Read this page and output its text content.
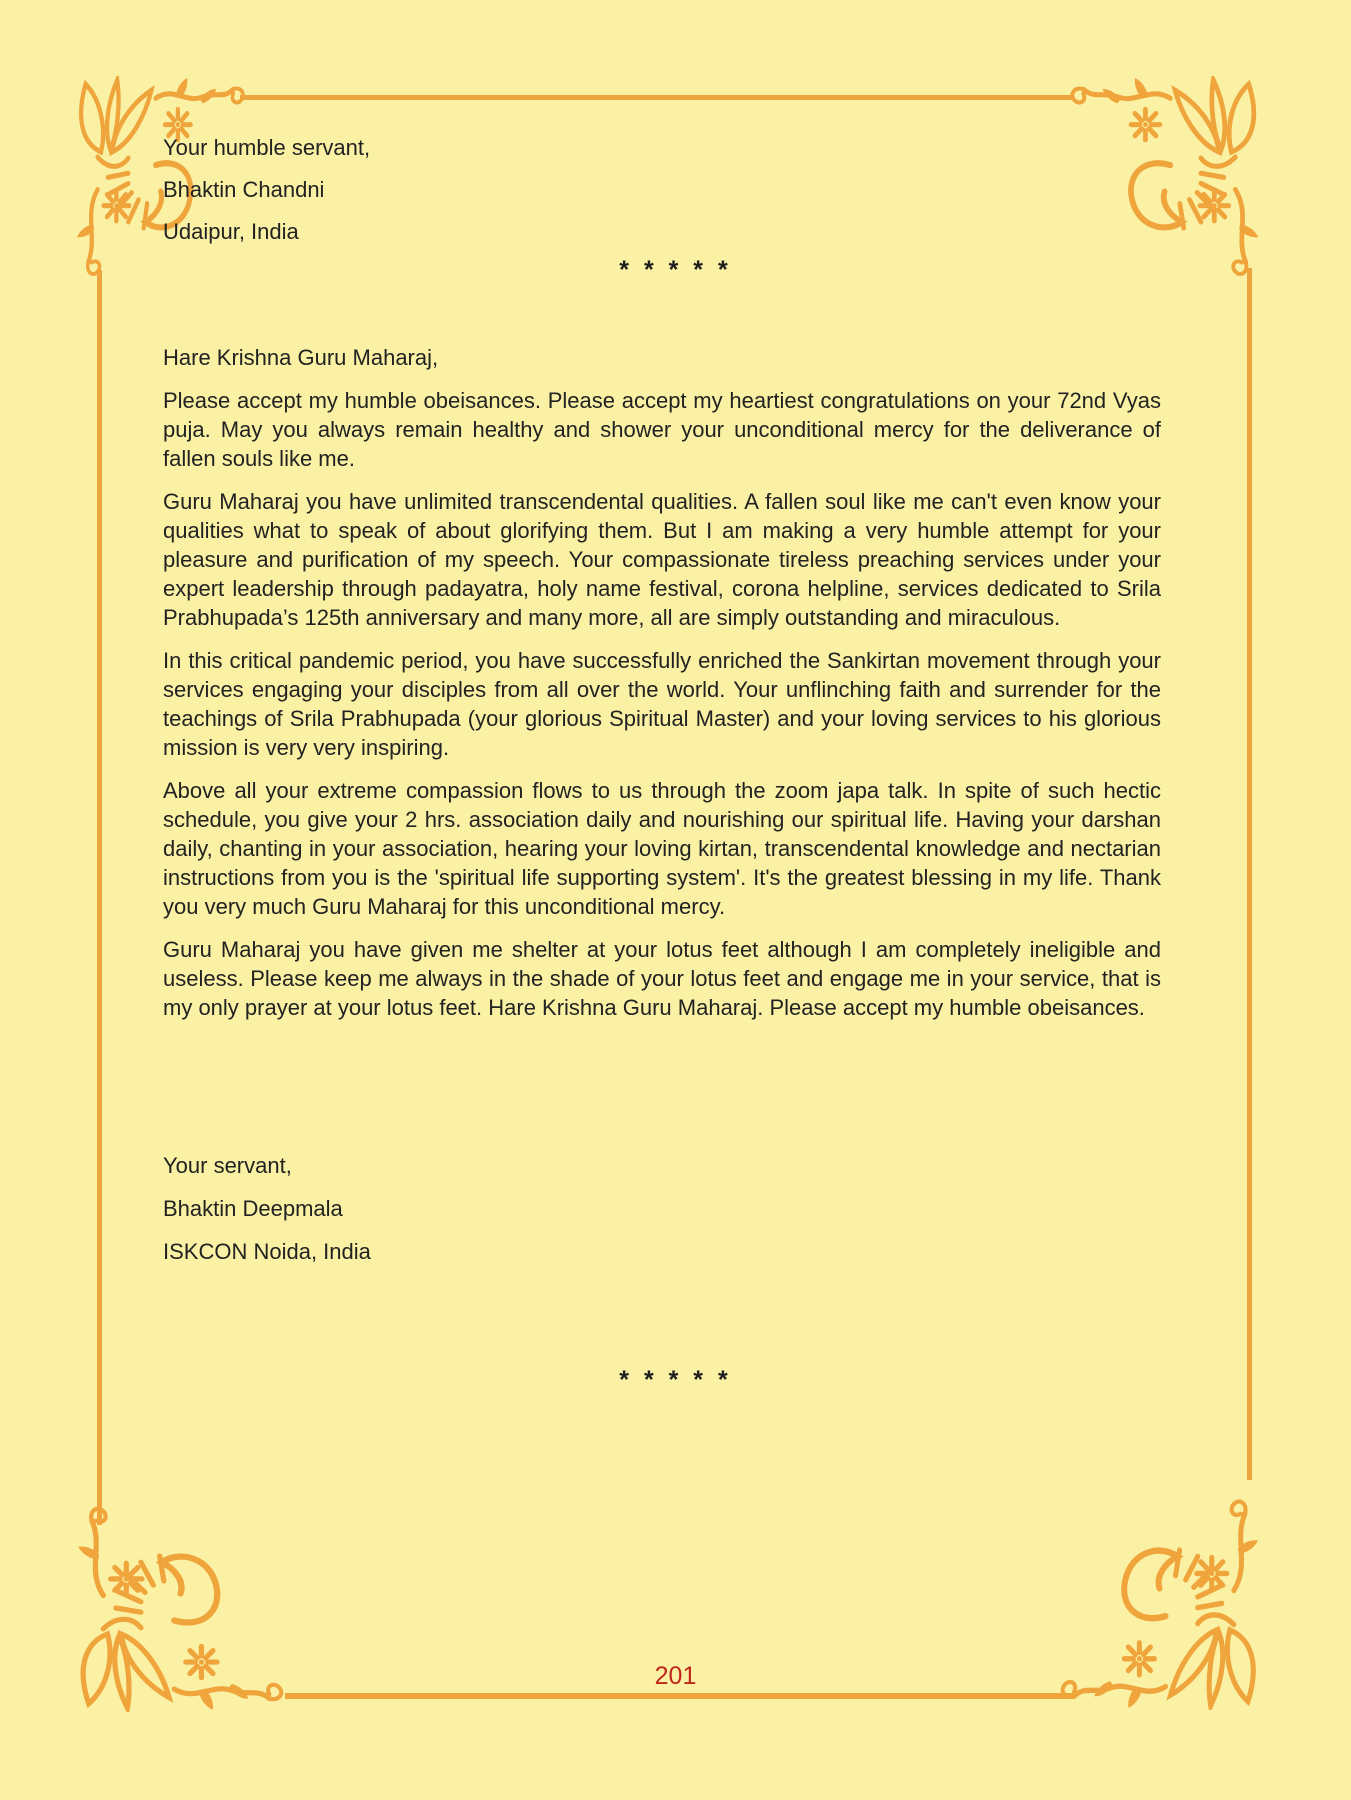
Your humble servant,
Bhaktin Chandni
Udaipur, India
* * * * *

Hare Krishna Guru Maharaj,

Please accept my humble obeisances. Please accept my heartiest congratulations on your 72nd Vyas puja. May you always remain healthy and shower your unconditional mercy for the deliverance of fallen souls like me.

Guru Maharaj you have unlimited transcendental qualities. A fallen soul like me can't even know your qualities what to speak of about glorifying them. But I am making a very humble attempt for your pleasure and purification of my speech. Your compassionate tireless preaching services under your expert leadership through padayatra, holy name festival, corona helpline, services dedicated to Srila Prabhupada’s 125th anniversary and many more, all are simply outstanding and miraculous.

In this critical pandemic period, you have successfully enriched the Sankirtan movement through your services engaging your disciples from all over the world. Your unflinching faith and surrender for the teachings of Srila Prabhupada (your glorious Spiritual Master) and your loving services to his glorious mission is very very inspiring.

Above all your extreme compassion flows to us through the zoom japa talk. In spite of such hectic schedule, you give your 2 hrs. association daily and nourishing our spiritual life. Having your darshan daily, chanting in your association, hearing your loving kirtan, transcendental knowledge and nectarian instructions from you is the 'spiritual life supporting system'. It's the greatest blessing in my life. Thank you very much Guru Maharaj for this unconditional mercy.

Guru Maharaj you have given me shelter at your lotus feet although I am completely ineligible and useless. Please keep me always in the shade of your lotus feet and engage me in your service, that is my only prayer at your lotus feet. Hare Krishna Guru Maharaj. Please accept my humble obeisances.

Your servant,
Bhaktin Deepmala
ISKCON Noida, India
* * * * *
201
